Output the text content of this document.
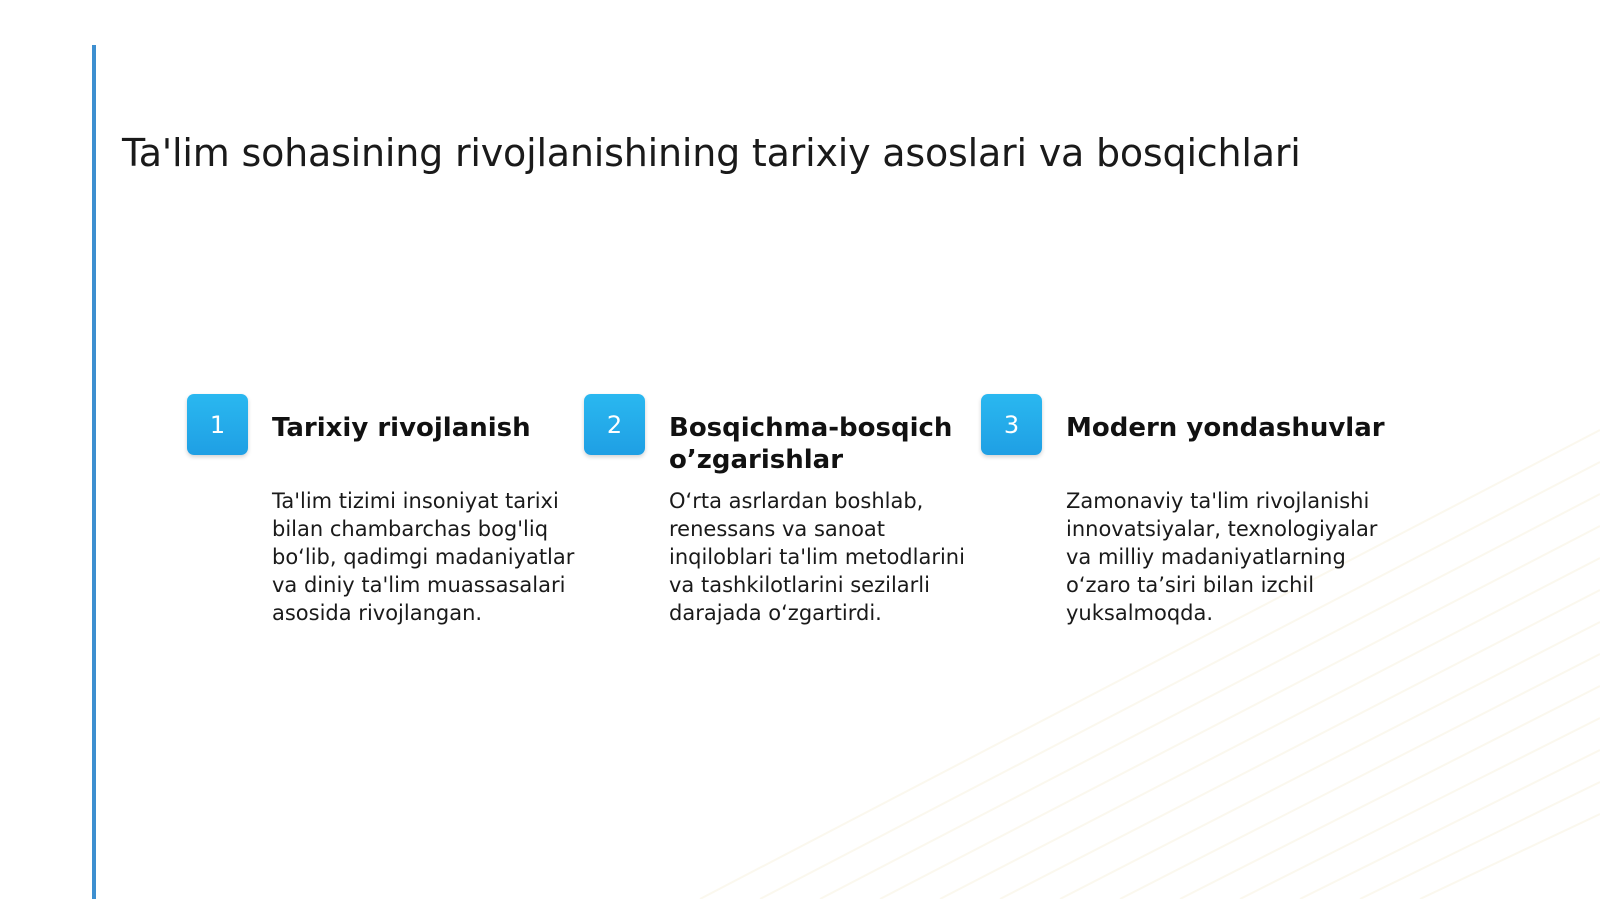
Ta'lim sohasining rivojlanishining tarixiy asoslari va bosqichlari
1	Tarixiy rivojlanish
Ta'lim tizimi insoniyat tarixi bilan chambarchas bog'liq bo‘lib, qadimgi madaniyatlar va diniy ta'lim muassasalari asosida rivojlangan.
2	Bosqichma-bosqich o’zgarishlar
O‘rta asrlardan boshlab, renessans va sanoat inqiloblari ta'lim metodlarini va tashkilotlarini sezilarli darajada o‘zgartirdi.
3	Modern yondashuvlar
Zamonaviy ta'lim rivojlanishi innovatsiyalar, texnologiyalar va milliy madaniyatlarning o‘zaro ta’siri bilan izchil yuksalmoqda.
